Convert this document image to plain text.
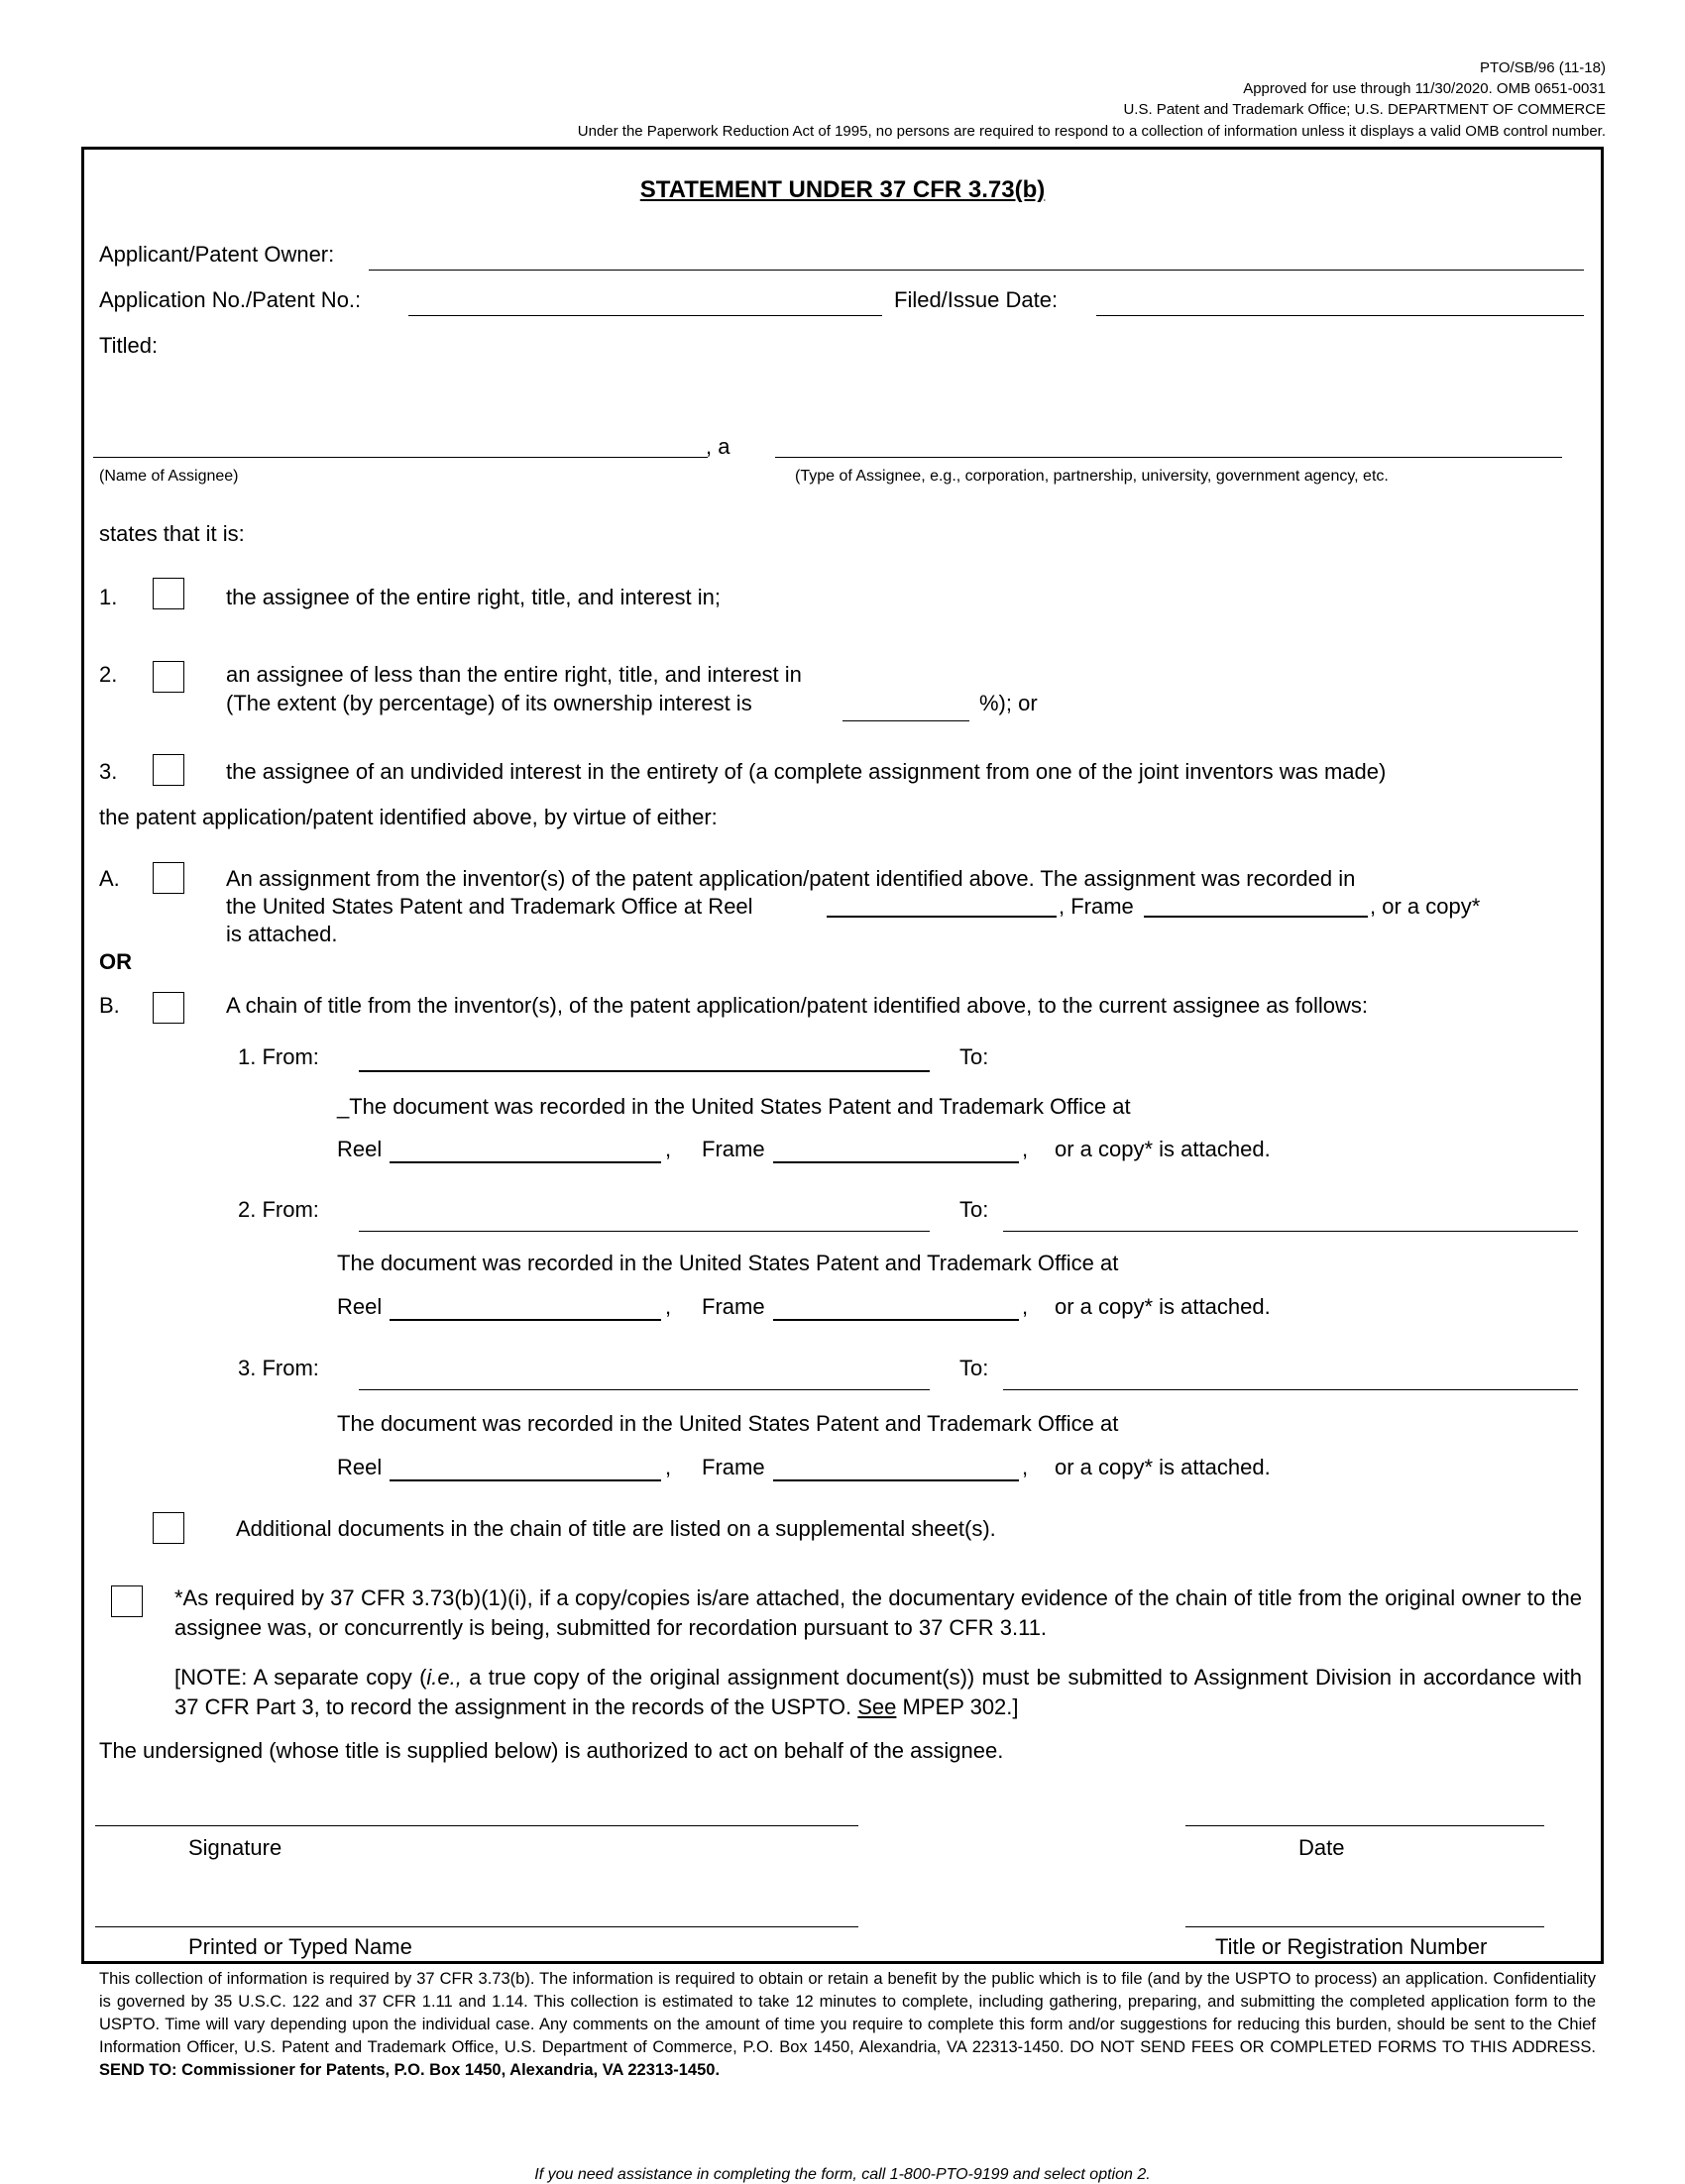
PTO/SB/96 (11-18)
Approved for use through 11/30/2020. OMB 0651-0031
U.S. Patent and Trademark Office; U.S. DEPARTMENT OF COMMERCE
Under the Paperwork Reduction Act of 1995, no persons are required to respond to a collection of information unless it displays a valid OMB control number.
STATEMENT UNDER 37 CFR 3.73(b)
Applicant/Patent Owner:
Application No./Patent No.:	Filed/Issue Date:
Titled:
, a
(Name of Assignee)	(Type of Assignee, e.g., corporation, partnership, university, government agency, etc.
states that it is:
1.	the assignee of the entire right, title, and interest in;
2.	an assignee of less than the entire right, title, and interest in
(The extent (by percentage) of its ownership interest is	%); or
3.	the assignee of an undivided interest in the entirety of (a complete assignment from one of the joint inventors was made)
the patent application/patent identified above, by virtue of either:
A.	An assignment from the inventor(s) of the patent application/patent identified above. The assignment was recorded in
the United States Patent and Trademark Office at Reel	, Frame	, or a copy*
is attached.
OR
B.	A chain of title from the inventor(s), of the patent application/patent identified above, to the current assignee as follows:
1. From:	To:
_The document was recorded in the United States Patent and Trademark Office at
Reel	, Frame	, or a copy* is attached.
2. From:	To:
The document was recorded in the United States Patent and Trademark Office at
Reel	, Frame	, or a copy* is attached.
3. From:	To:
The document was recorded in the United States Patent and Trademark Office at
Reel	, Frame	, or a copy* is attached.
Additional documents in the chain of title are listed on a supplemental sheet(s).
*As required by 37 CFR 3.73(b)(1)(i), if a copy/copies is/are attached, the documentary evidence of the chain of title from the original owner to the assignee was, or concurrently is being, submitted for recordation pursuant to 37 CFR 3.11.
[NOTE: A separate copy (i.e., a true copy of the original assignment document(s)) must be submitted to Assignment Division in accordance with 37 CFR Part 3, to record the assignment in the records of the USPTO. See MPEP 302.]
The undersigned (whose title is supplied below) is authorized to act on behalf of the assignee.
Signature	Date
Printed or Typed Name	Title or Registration Number
This collection of information is required by 37 CFR 3.73(b). The information is required to obtain or retain a benefit by the public which is to file (and by the USPTO to process) an application. Confidentiality is governed by 35 U.S.C. 122 and 37 CFR 1.11 and 1.14. This collection is estimated to take 12 minutes to complete, including gathering, preparing, and submitting the completed application form to the USPTO. Time will vary depending upon the individual case. Any comments on the amount of time you require to complete this form and/or suggestions for reducing this burden, should be sent to the Chief Information Officer, U.S. Patent and Trademark Office, U.S. Department of Commerce, P.O. Box 1450, Alexandria, VA 22313-1450. DO NOT SEND FEES OR COMPLETED FORMS TO THIS ADDRESS. SEND TO: Commissioner for Patents, P.O. Box 1450, Alexandria, VA 22313-1450.
If you need assistance in completing the form, call 1-800-PTO-9199 and select option 2.
